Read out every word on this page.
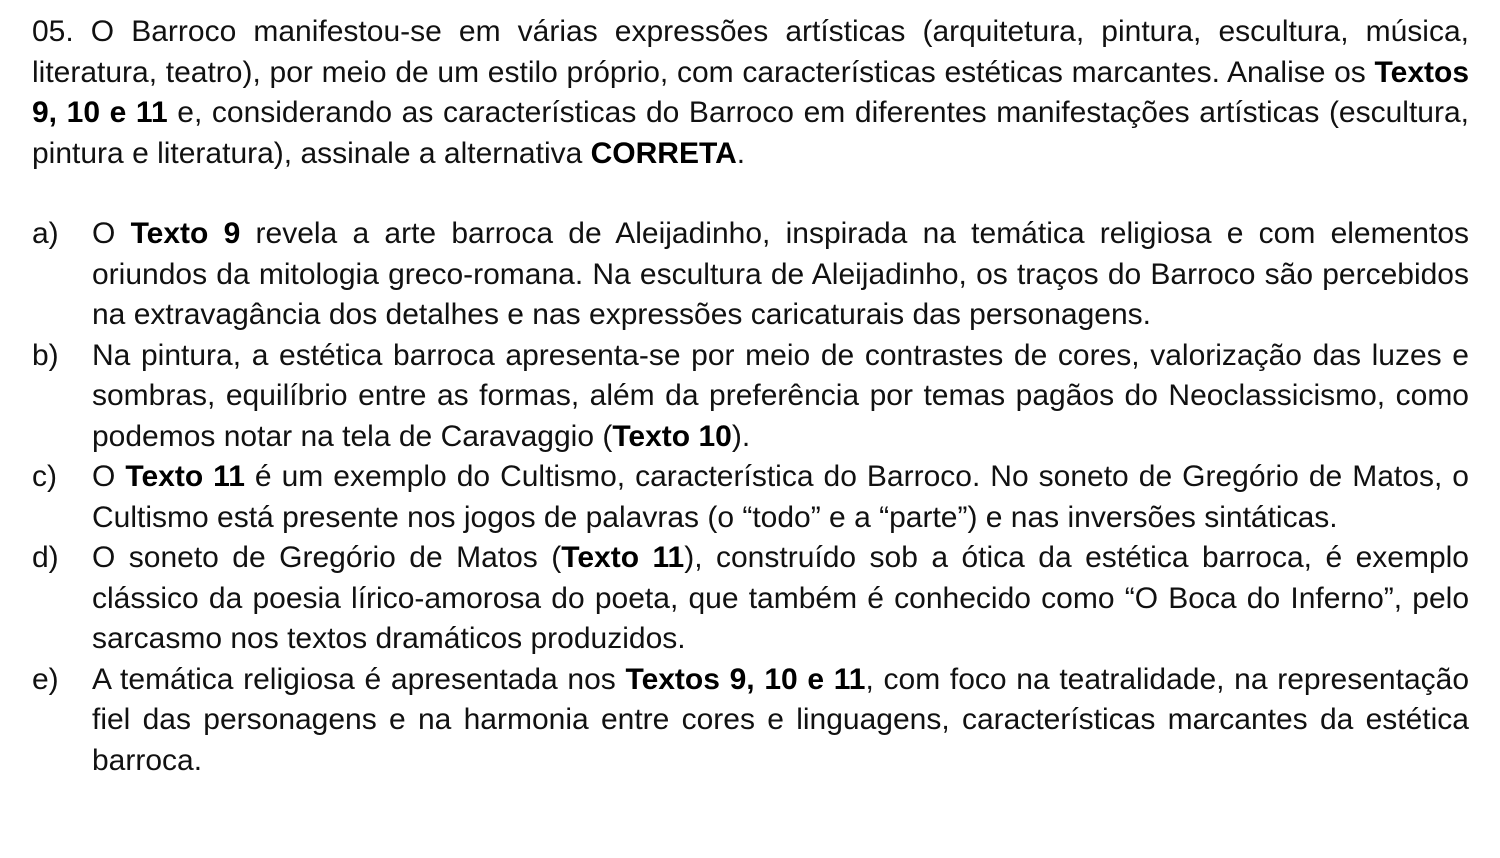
05. O Barroco manifestou-se em várias expressões artísticas (arquitetura, pintura, escultura, música, literatura, teatro), por meio de um estilo próprio, com características estéticas marcantes. Analise os Textos 9, 10 e 11 e, considerando as características do Barroco em diferentes manifestações artísticas (escultura, pintura e literatura), assinale a alternativa CORRETA.

a)	O Texto 9 revela a arte barroca de Aleijadinho, inspirada na temática religiosa e com elementos oriundos da mitologia greco-romana. Na escultura de Aleijadinho, os traços do Barroco são percebidos na extravagância dos detalhes e nas expressões caricaturais das personagens.
b)	Na pintura, a estética barroca apresenta-se por meio de contrastes de cores, valorização das luzes e sombras, equilíbrio entre as formas, além da preferência por temas pagãos do Neoclassicismo, como podemos notar na tela de Caravaggio (Texto 10).
c)	O Texto 11 é um exemplo do Cultismo, característica do Barroco. No soneto de Gregório de Matos, o Cultismo está presente nos jogos de palavras (o “todo” e a “parte”) e nas inversões sintáticas.
d)	O soneto de Gregório de Matos (Texto 11), construído sob a ótica da estética barroca, é exemplo clássico da poesia lírico-amorosa do poeta, que também é conhecido como “O Boca do Inferno”, pelo sarcasmo nos textos dramáticos produzidos.
e)	A temática religiosa é apresentada nos Textos 9, 10 e 11, com foco na teatralidade, na representação fiel das personagens e na harmonia entre cores e linguagens, características marcantes da estética barroca.
